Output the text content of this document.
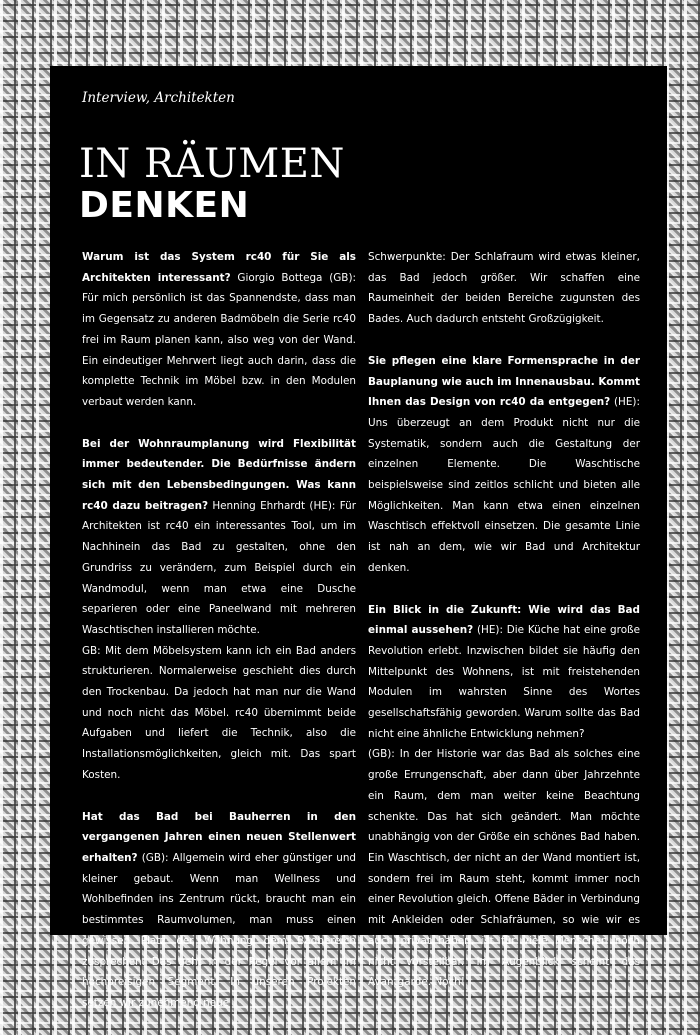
Interview, Architekten
IN RÄUMEN
DENKEN

Warum ist das System rc40 für Sie als Architekten interessant? Giorgio Bottega (GB): Für mich persönlich ist das Spannendste, dass man im Gegensatz zu anderen Badmöbeln die Serie rc40 frei im Raum planen kann, also weg von der Wand. Ein eindeutiger Mehrwert liegt auch darin, dass die komplette Technik im Möbel bzw. in den Modulen verbaut werden kann.

Bei der Wohnraumplanung wird Flexibilität immer bedeutender. Die Bedürfnisse ändern sich mit den Lebensbedingungen. Was kann rc40 dazu beitragen? Henning Ehrhardt (HE): Für Architekten ist rc40 ein interessantes Tool, um im Nachhinein das Bad zu gestalten, ohne den Grundriss zu verändern, zum Beispiel durch ein Wandmodul, wenn man etwa eine Dusche separieren oder eine Paneelwand mit mehreren Waschtischen installieren möchte.

GB: Mit dem Möbelsystem kann ich ein Bad anders strukturieren. Normalerweise geschieht dies durch den Trockenbau. Da jedoch hat man nur die Wand und noch nicht das Möbel. rc40 übernimmt beide Aufgaben und liefert die Technik, also die Installationsmöglichkeiten, gleich mit. Das spart Kosten.

Hat das Bad bei Bauherren in den vergangenen Jahren einen neuen Stellenwert erhalten? (GB): Allgemein wird eher günstiger und kleiner gebaut. Wenn man Wellness und Wohlbefinden ins Zentrum rückt, braucht man ein bestimmtes Raumvolumen, man muss einen gewissen Platz der Wohnung dem Badbereich zusprechen. Das geht in der Regel vor allem im hochpreisigen Segment. In unseren Projekten setzen wir zunehmend neue

Schwerpunkte: Der Schlafraum wird etwas kleiner, das Bad jedoch größer. Wir schaffen eine Raumeinheit der beiden Bereiche zugunsten des Bades. Auch dadurch entsteht Großzügigkeit.

Sie pflegen eine klare Formensprache in der Bauplanung wie auch im Innenausbau. Kommt Ihnen das Design von rc40 da entgegen? (HE): Uns überzeugt an dem Produkt nicht nur die Systematik, sondern auch die Gestaltung der einzelnen Elemente. Die Waschtische beispielsweise sind zeitlos schlicht und bieten alle Möglichkeiten. Man kann etwa einen einzelnen Waschtisch effektvoll einsetzen. Die gesamte Linie ist nah an dem, wie wir Bad und Architektur denken.

Ein Blick in die Zukunft: Wie wird das Bad einmal aussehen? (HE): Die Küche hat eine große Revolution erlebt. Inzwischen bildet sie häufig den Mittelpunkt des Wohnens, ist mit freistehenden Modulen im wahrsten Sinne des Wortes gesellschaftsfähig geworden. Warum sollte das Bad nicht eine ähnliche Entwicklung nehmen?

(GB): In der Historie war das Bad als solches eine große Errungenschaft, aber dann über Jahrzehnte ein Raum, dem man weiter keine Beachtung schenkte. Das hat sich geändert. Man möchte unabhängig von der Größe ein schönes Bad haben. Ein Waschtisch, der nicht an der Wand montiert ist, sondern frei im Raum steht, kommt immer noch einer Revolution gleich. Offene Bäder in Verbindung mit Ankleiden oder Schlafräumen, so wie wir es auch privat haben, ist für viele Menschen noch nicht vorstellbar. Im Augenblick scheint das Avantgarde. Noch!
